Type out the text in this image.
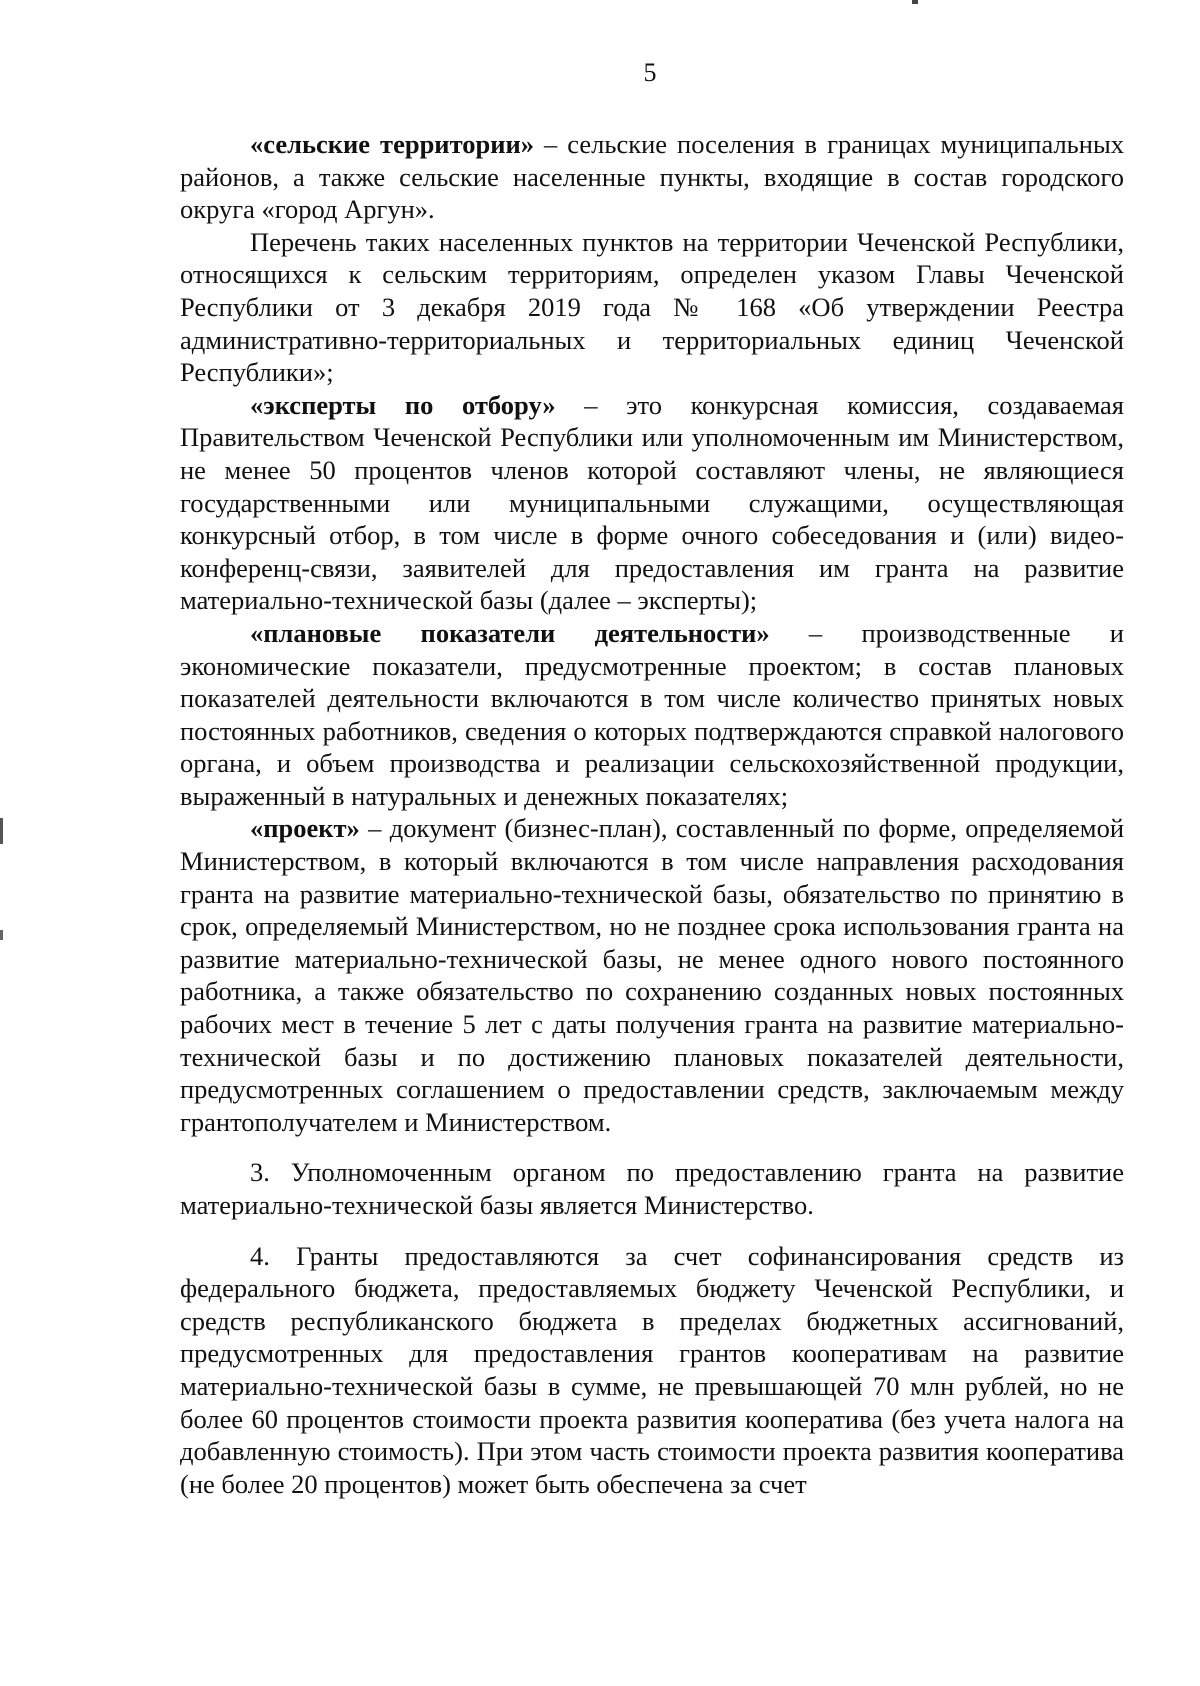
5

«сельские территории» – сельские поселения в границах муниципальных районов, а также сельские населенные пункты, входящие в состав городского округа «город Аргун».

Перечень таких населенных пунктов на территории Чеченской Республики, относящихся к сельским территориям, определен указом Главы Чеченской Республики от 3 декабря 2019 года № 168 «Об утверждении Реестра административно-территориальных и территориальных единиц Чеченской Республики»;

«эксперты по отбору» – это конкурсная комиссия, создаваемая Правительством Чеченской Республики или уполномоченным им Министерством, не менее 50 процентов членов которой составляют члены, не являющиеся государственными или муниципальными служащими, осуществляющая конкурсный отбор, в том числе в форме очного собеседования и (или) видео-конференц-связи, заявителей для предоставления им гранта на развитие материально-технической базы (далее – эксперты);

«плановые показатели деятельности» – производственные и экономические показатели, предусмотренные проектом; в состав плановых показателей деятельности включаются в том числе количество принятых новых постоянных работников, сведения о которых подтверждаются справкой налогового органа, и объем производства и реализации сельскохозяйственной продукции, выраженный в натуральных и денежных показателях;

«проект» – документ (бизнес-план), составленный по форме, определяемой Министерством, в который включаются в том числе направления расходования гранта на развитие материально-технической базы, обязательство по принятию в срок, определяемый Министерством, но не позднее срока использования гранта на развитие материально-технической базы, не менее одного нового постоянного работника, а также обязательство по сохранению созданных новых постоянных рабочих мест в течение 5 лет с даты получения гранта на развитие материально-технической базы и по достижению плановых показателей деятельности, предусмотренных соглашением о предоставлении средств, заключаемым между грантополучателем и Министерством.

3. Уполномоченным органом по предоставлению гранта на развитие материально-технической базы является Министерство.

4. Гранты предоставляются за счет софинансирования средств из федерального бюджета, предоставляемых бюджету Чеченской Республики, и средств республиканского бюджета в пределах бюджетных ассигнований, предусмотренных для предоставления грантов кооперативам на развитие материально-технической базы в сумме, не превышающей 70 млн рублей, но не более 60 процентов стоимости проекта развития кооператива (без учета налога на добавленную стоимость). При этом часть стоимости проекта развития кооператива (не более 20 процентов) может быть обеспечена за счет
